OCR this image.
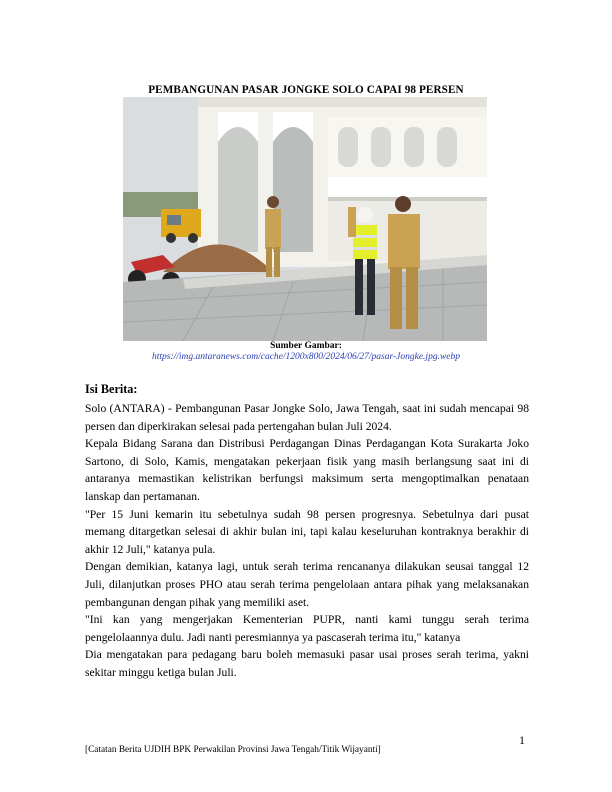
PEMBANGUNAN PASAR JONGKE SOLO CAPAI 98 PERSEN
Sumber Gambar:
https://img.antaranews.com/cache/1200x800/2024/06/27/pasar-Jongke.jpg.webp
Isi Berita:

Solo (ANTARA) - Pembangunan Pasar Jongke Solo, Jawa Tengah, saat ini sudah mencapai 98 persen dan diperkirakan selesai pada pertengahan bulan Juli 2024.

Kepala Bidang Sarana dan Distribusi Perdagangan Dinas Perdagangan Kota Surakarta Joko Sartono, di Solo, Kamis, mengatakan pekerjaan fisik yang masih berlangsung saat ini di antaranya memastikan kelistrikan berfungsi maksimum serta mengoptimalkan penataan lanskap dan pertamanan.

"Per 15 Juni kemarin itu sebetulnya sudah 98 persen progresnya. Sebetulnya dari pusat memang ditargetkan selesai di akhir bulan ini, tapi kalau keseluruhan kontraknya berakhir di akhir 12 Juli," katanya pula.

Dengan demikian, katanya lagi, untuk serah terima rencananya dilakukan seusai tanggal 12 Juli, dilanjutkan proses PHO atau serah terima pengelolaan antara pihak yang melaksanakan pembangunan dengan pihak yang memiliki aset.

"Ini kan yang mengerjakan Kementerian PUPR, nanti kami tunggu serah terima pengelolaannya dulu. Jadi nanti peresmiannya ya pascaserah terima itu," katanya

Dia mengatakan para pedagang baru boleh memasuki pasar usai proses serah terima, yakni sekitar minggu ketiga bulan Juli.

1
[Catatan Berita UJDIH BPK Perwakilan Provinsi Jawa Tengah/Titik Wijayanti]
